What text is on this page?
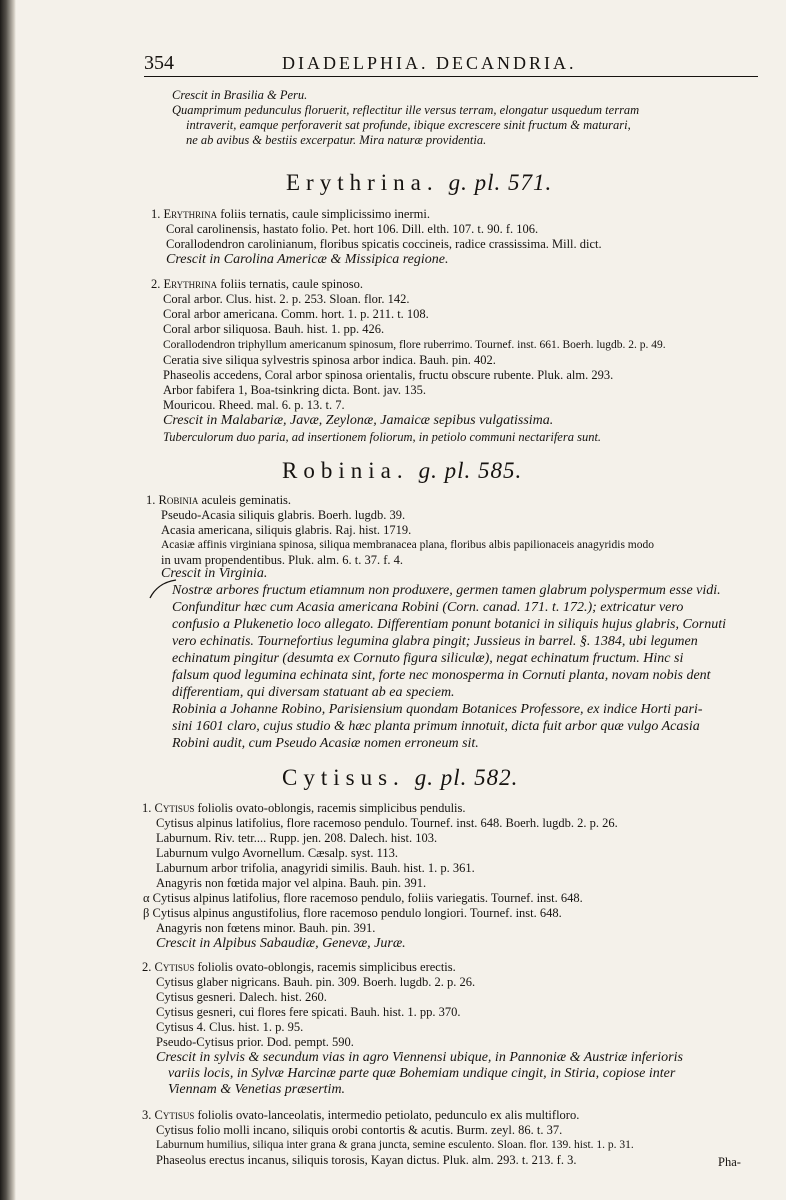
354	DIADELPHIA. DECANDRIA.
Crescit in Brasilia & Peru.
Quamprimum pedunculus floruerit, reflectitur ille versus terram, elongatur usquedum terram
intraverit, eamque perforaverit sat profunde, ibique excrescere sinit fructum & maturari,
ne ab avibus & bestiis excerpatur. Mira naturæ providentia.
Erythrina. g. pl. 571.
1. Erythrina foliis ternatis, caule simplicissimo inermi.
Coral carolinensis, hastato folio. Pet. hort 106. Dill. elth. 107. t. 90. f. 106.
Corallodendron carolinianum, floribus spicatis coccineis, radice crassissima. Mill. dict.
Crescit in Carolina Americæ & Missipica regione.
2. Erythrina foliis ternatis, caule spinoso.
Coral arbor. Clus. hist. 2. p. 253. Sloan. flor. 142.
Coral arbor americana. Comm. hort. 1. p. 211. t. 108.
Coral arbor siliquosa. Bauh. hist. 1. pp. 426.
Corallodendron triphyllum americanum spinosum, flore ruberrimo. Tournef. inst. 661. Boerh. lugdb. 2. p. 49.
Ceratia sive siliqua sylvestris spinosa arbor indica. Bauh. pin. 402.
Phaseolis accedens, Coral arbor spinosa orientalis, fructu obscure rubente. Pluk. alm. 293.
Arbor fabifera 1, Boa-tsinkring dicta. Bont. jav. 135.
Mouricou. Rheed. mal. 6. p. 13. t. 7.
Crescit in Malabariæ, Javæ, Zeylonæ, Jamaicæ sepibus vulgatissima.
Tuberculorum duo paria, ad insertionem foliorum, in petiolo communi nectarifera sunt.
Robinia. g. pl. 585.
1. Robinia aculeis geminatis.
Pseudo-Acasia siliquis glabris. Boerh. lugdb. 39.
Acasia americana, siliquis glabris. Raj. hist. 1719.
Acasiæ affinis virginiana spinosa, siliqua membranacea plana, floribus albis papilionaceis anagyridis modo
in uvam propendentibus. Pluk. alm. 6. t. 37. f. 4.
Crescit in Virginia.
Nostræ arbores fructum etiamnum non produxere, germen tamen glabrum polyspermum esse vidi.
Confunditur hæc cum Acasia americana Robini (Corn. canad. 171. t. 172.); extricatur vero
confusio a Plukenetio loco allegato. Differentiam ponunt botanici in siliquis hujus glabris, Cornuti
vero echinatis. Tournefortius legumina glabra pingit; Jussieus in barrel. §. 1384, ubi legumen
echinatum pingitur (desumta ex Cornuto figura siliculæ), negat echinatum fructum. Hinc si
falsum quod legumina echinata sint, forte nec monosperma in Cornuti planta, novam nobis dent
differentiam, qui diversam statuant ab ea speciem.
Robinia a Johanne Robino, Parisiensium quondam Botanices Professore, ex indice Horti pari-
sini 1601 claro, cujus studio & hæc planta primum innotuit, dicta fuit arbor quæ vulgo Acasia
Robini audit, cum Pseudo Acasiæ nomen erroneum sit.
Cytisus. g. pl. 582.
1. Cytisus foliolis ovato-oblongis, racemis simplicibus pendulis.
Cytisus alpinus latifolius, flore racemoso pendulo. Tournef. inst. 648. Boerh. lugdb. 2. p. 26.
Laburnum. Riv. tetr.... Rupp. jen. 208. Dalech. hist. 103.
Laburnum vulgo Avornellum. Cæsalp. syst. 113.
Laburnum arbor trifolia, anagyridi similis. Bauh. hist. 1. p. 361.
Anagyris non fœtida major vel alpina. Bauh. pin. 391.
α Cytisus alpinus latifolius, flore racemoso pendulo, foliis variegatis. Tournef. inst. 648.
β Cytisus alpinus angustifolius, flore racemoso pendulo longiori. Tournef. inst. 648.
Anagyris non fœtens minor. Bauh. pin. 391.
Crescit in Alpibus Sabaudiæ, Genevæ, Juræ.
2. Cytisus foliolis ovato-oblongis, racemis simplicibus erectis.
Cytisus glaber nigricans. Bauh. pin. 309. Boerh. lugdb. 2. p. 26.
Cytisus gesneri. Dalech. hist. 260.
Cytisus gesneri, cui flores fere spicati. Bauh. hist. 1. pp. 370.
Cytisus 4. Clus. hist. 1. p. 95.
Pseudo-Cytisus prior. Dod. pempt. 590.
Crescit in sylvis & secundum vias in agro Viennensi ubique, in Pannoniæ & Austriæ inferioris
variis locis, in Sylvæ Harcinæ parte quæ Bohemiam undique cingit, in Stiria, copiose inter
Viennam & Venetias præsertim.
3. Cytisus foliolis ovato-lanceolatis, intermedio petiolato, pedunculo ex alis multifloro.
Cytisus folio molli incano, siliquis orobi contortis & acutis. Burm. zeyl. 86. t. 37.
Laburnum humilius, siliqua inter grana & grana juncta, semine esculento. Sloan. flor. 139. hist. 1. p. 31.
Phaseolus erectus incanus, siliquis torosis, Kayan dictus. Pluk. alm. 293. t. 213. f. 3.	Pha-
